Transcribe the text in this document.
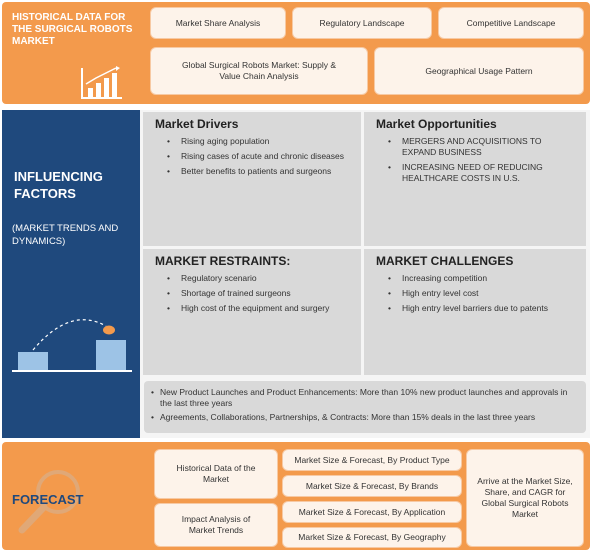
HISTORICAL DATA FOR THE SURGICAL ROBOTS MARKET
Market Share Analysis	Regulatory Landscape	Competitive Landscape
Global Surgical Robots Market: Supply & Value Chain Analysis
Geographical Usage Pattern
INFLUENCING FACTORS
(MARKET TRENDS AND DYNAMICS)
Market Drivers
• Rising aging population
• Rising cases of acute and chronic diseases
• Better benefits to patients and surgeons
Market Opportunities
• MERGERS AND ACQUISITIONS TO EXPAND BUSINESS
• INCREASING NEED OF REDUCING HEALTHCARE COSTS IN U.S.
MARKET RESTRAINTS:
• Regulatory scenario
• Shortage of trained surgeons
• High cost of the equipment and surgery
MARKET CHALLENGES
• Increasing competition
• High entry level cost
• High entry level barriers due to patents
• New Product Launches and Product Enhancements: More than 10% new product launches and approvals in the last three years
• Agreements, Collaborations, Partnerships, & Contracts: More than 15% deals in the last three years
FORECAST
Historical Data of the Market
Impact Analysis of Market Trends
Market Size & Forecast, By Product Type
Market Size & Forecast, By Brands
Market Size & Forecast, By Application
Market Size & Forecast, By Geography
Arrive at the Market Size, Share, and CAGR for Global Surgical Robots Market
